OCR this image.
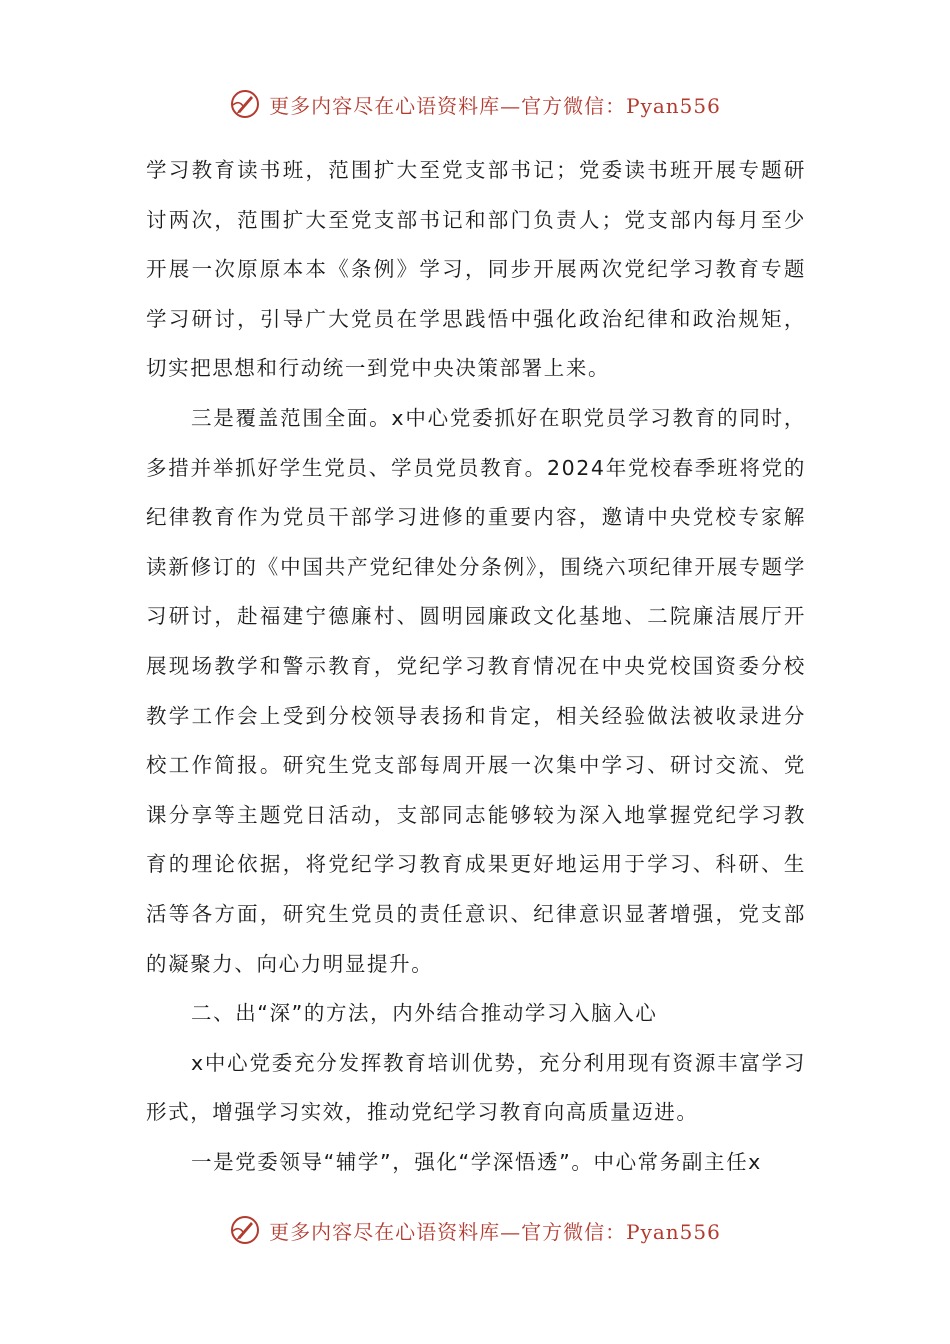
更多内容尽在心语资料库—官方微信：Pyan556

学习教育读书班，范围扩大至党支部书记；党委读书班开展专题研讨两次，范围扩大至党支部书记和部门负责人；党支部内每月至少开展一次原原本本《条例》学习，同步开展两次党纪学习教育专题学习研讨，引导广大党员在学思践悟中强化政治纪律和政治规矩，切实把思想和行动统一到党中央决策部署上来。

三是覆盖范围全面。x中心党委抓好在职党员学习教育的同时，多措并举抓好学生党员、学员党员教育。2024年党校春季班将党的纪律教育作为党员干部学习进修的重要内容，邀请中央党校专家解读新修订的《中国共产党纪律处分条例》，围绕六项纪律开展专题学习研讨，赴福建宁德廉村、圆明园廉政文化基地、二院廉洁展厅开展现场教学和警示教育，党纪学习教育情况在中央党校国资委分校教学工作会上受到分校领导表扬和肯定，相关经验做法被收录进分校工作简报。研究生党支部每周开展一次集中学习、研讨交流、党课分享等主题党日活动，支部同志能够较为深入地掌握党纪学习教育的理论依据，将党纪学习教育成果更好地运用于学习、科研、生活等各方面，研究生党员的责任意识、纪律意识显著增强，党支部的凝聚力、向心力明显提升。

二、出“深”的方法，内外结合推动学习入脑入心

x中心党委充分发挥教育培训优势，充分利用现有资源丰富学习形式，增强学习实效，推动党纪学习教育向高质量迈进。

一是党委领导“辅学”，强化“学深悟透”。中心常务副主任x

更多内容尽在心语资料库—官方微信：Pyan556
